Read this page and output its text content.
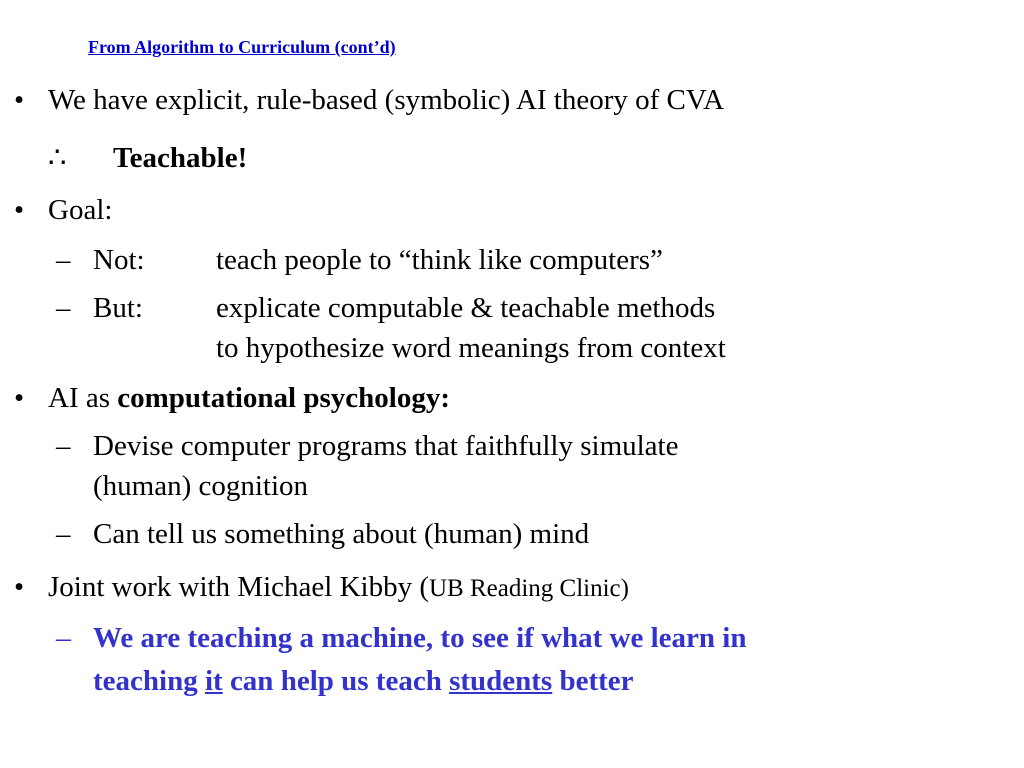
From Algorithm to Curriculum (cont’d)
• We have explicit, rule-based (symbolic) AI theory of CVA
∴ Teachable!
• Goal:
– Not: teach people to “think like computers”
– But:	explicate computable & teachable methods
to hypothesize word meanings from context
• AI as computational psychology:
– Devise computer programs that faithfully simulate
(human) cognition
– Can tell us something about (human) mind
• Joint work with Michael Kibby (UB Reading Clinic)
– We are teaching a machine, to see if what we learn in
teaching it can help us teach students better
